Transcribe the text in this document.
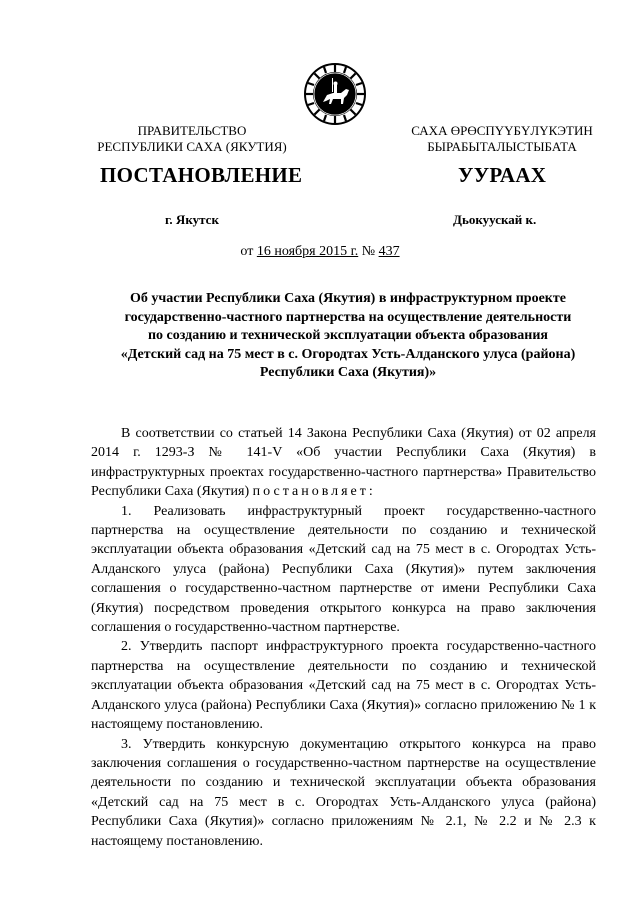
ПРАВИТЕЛЬСТВО
РЕСПУБЛИКИ САХА (ЯКУТИЯ)
САХА ӨРӨСПҮҮБҮЛҮКЭТИН
БЫРАБЫТАЛЫСТЫБАТА
ПОСТАНОВЛЕНИЕ	УУРААХ
г. Якутск	Дьокуускай к.
от 16 ноября 2015 г. № 437
Об участии Республики Саха (Якутия) в инфраструктурном проекте
государственно-частного партнерства на осуществление деятельности
по созданию и технической эксплуатации объекта образования
«Детский сад на 75 мест в с. Огородтах Усть-Алданского улуса (района)
Республики Саха (Якутия)»

В соответствии со статьей 14 Закона Республики Саха (Якутия) от 02 апреля 2014 г. 1293-З № 141-V «Об участии Республики Саха (Якутия) в инфраструктурных проектах государственно-частного партнерства» Правительство Республики Саха (Якутия) постановляет:

1. Реализовать инфраструктурный проект государственно-частного партнерства на осуществление деятельности по созданию и технической эксплуатации объекта образования «Детский сад на 75 мест в с. Огородтах Усть-Алданского улуса (района) Республики Саха (Якутия)» путем заключения соглашения о государственно-частном партнерстве от имени Республики Саха (Якутия) посредством проведения открытого конкурса на право заключения соглашения о государственно-частном партнерстве.

2. Утвердить паспорт инфраструктурного проекта государственно-частного партнерства на осуществление деятельности по созданию и технической эксплуатации объекта образования «Детский сад на 75 мест в с. Огородтах Усть-Алданского улуса (района) Республики Саха (Якутия)» согласно приложению № 1 к настоящему постановлению.

3. Утвердить конкурсную документацию открытого конкурса на право заключения соглашения о государственно-частном партнерстве на осуществление деятельности по созданию и технической эксплуатации объекта образования «Детский сад на 75 мест в с. Огородтах Усть-Алданского улуса (района) Республики Саха (Якутия)» согласно приложениям № 2.1, № 2.2 и № 2.3 к настоящему постановлению.
